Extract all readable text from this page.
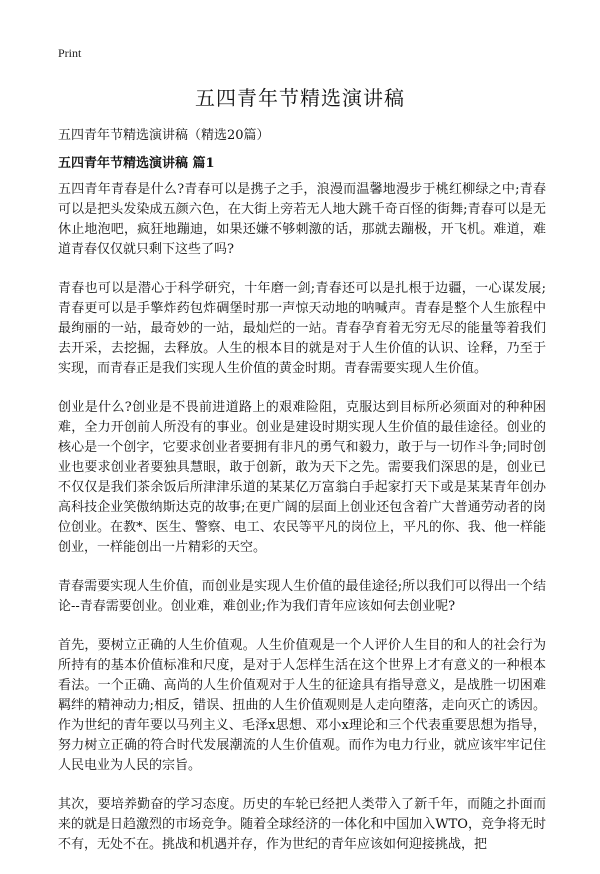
Print
五四青年节精选演讲稿

五四青年节精选演讲稿（精选20篇）

五四青年节精选演讲稿 篇1

五四青年青春是什么?青春可以是携子之手，浪漫而温馨地漫步于桃红柳绿之中;青春可以是把头发染成五颜六色，在大街上旁若无人地大跳千奇百怪的街舞;青春可以是无休止地泡吧，疯狂地蹦迪，如果还嫌不够刺激的话，那就去蹦极，开飞机。难道，难道青春仅仅就只剩下这些了吗?

青春也可以是潜心于科学研究，十年磨一剑;青春还可以是扎根于边疆，一心谋发展;青春更可以是手擎炸药包炸碉堡时那一声惊天动地的呐喊声。青春是整个人生旅程中最绚丽的一站，最奇妙的一站，最灿烂的一站。青春孕育着无穷无尽的能量等着我们去开采，去挖掘，去释放。人生的根本目的就是对于人生价值的认识、诠释，乃至于实现，而青春正是我们实现人生价值的黄金时期。青春需要实现人生价值。

创业是什么?创业是不畏前进道路上的艰难险阻，克服达到目标所必须面对的种种困难，全力开创前人所没有的事业。创业是建设时期实现人生价值的最佳途径。创业的核心是一个创字，它要求创业者要拥有非凡的勇气和毅力，敢于与一切作斗争;同时创业也要求创业者要独具慧眼，敢于创新，敢为天下之先。需要我们深思的是，创业已不仅仅是我们茶余饭后所津津乐道的某某亿万富翁白手起家打天下或是某某青年创办高科技企业笑傲纳斯达克的故事;在更广阔的层面上创业还包含着广大普通劳动者的岗位创业。在教*、医生、警察、电工、农民等平凡的岗位上，平凡的你、我、他一样能创业，一样能创出一片精彩的天空。

青春需要实现人生价值，而创业是实现人生价值的最佳途径;所以我们可以得出一个结论--青春需要创业。创业难，难创业;作为我们青年应该如何去创业呢?

首先，要树立正确的人生价值观。人生价值观是一个人评价人生目的和人的社会行为所持有的基本价值标准和尺度，是对于人怎样生活在这个世界上才有意义的一种根本看法。一个正确、高尚的人生价值观对于人生的征途具有指导意义，是战胜一切困难羁绊的精神动力;相反，错误、扭曲的人生价值观则是人走向堕落，走向灭亡的诱因。作为世纪的青年要以马列主义、毛泽x思想、邓小x理论和三个代表重要思想为指导，努力树立正确的符合时代发展潮流的人生价值观。而作为电力行业，就应该牢牢记住人民电业为人民的宗旨。

其次，要培养勤奋的学习态度。历史的车轮已经把人类带入了新千年，而随之扑面而来的就是日趋激烈的市场竞争。随着全球经济的一体化和中国加入WTO，竞争将无时不有，无处不在。挑战和机遇并存，作为世纪的青年应该如何迎接挑战，把
